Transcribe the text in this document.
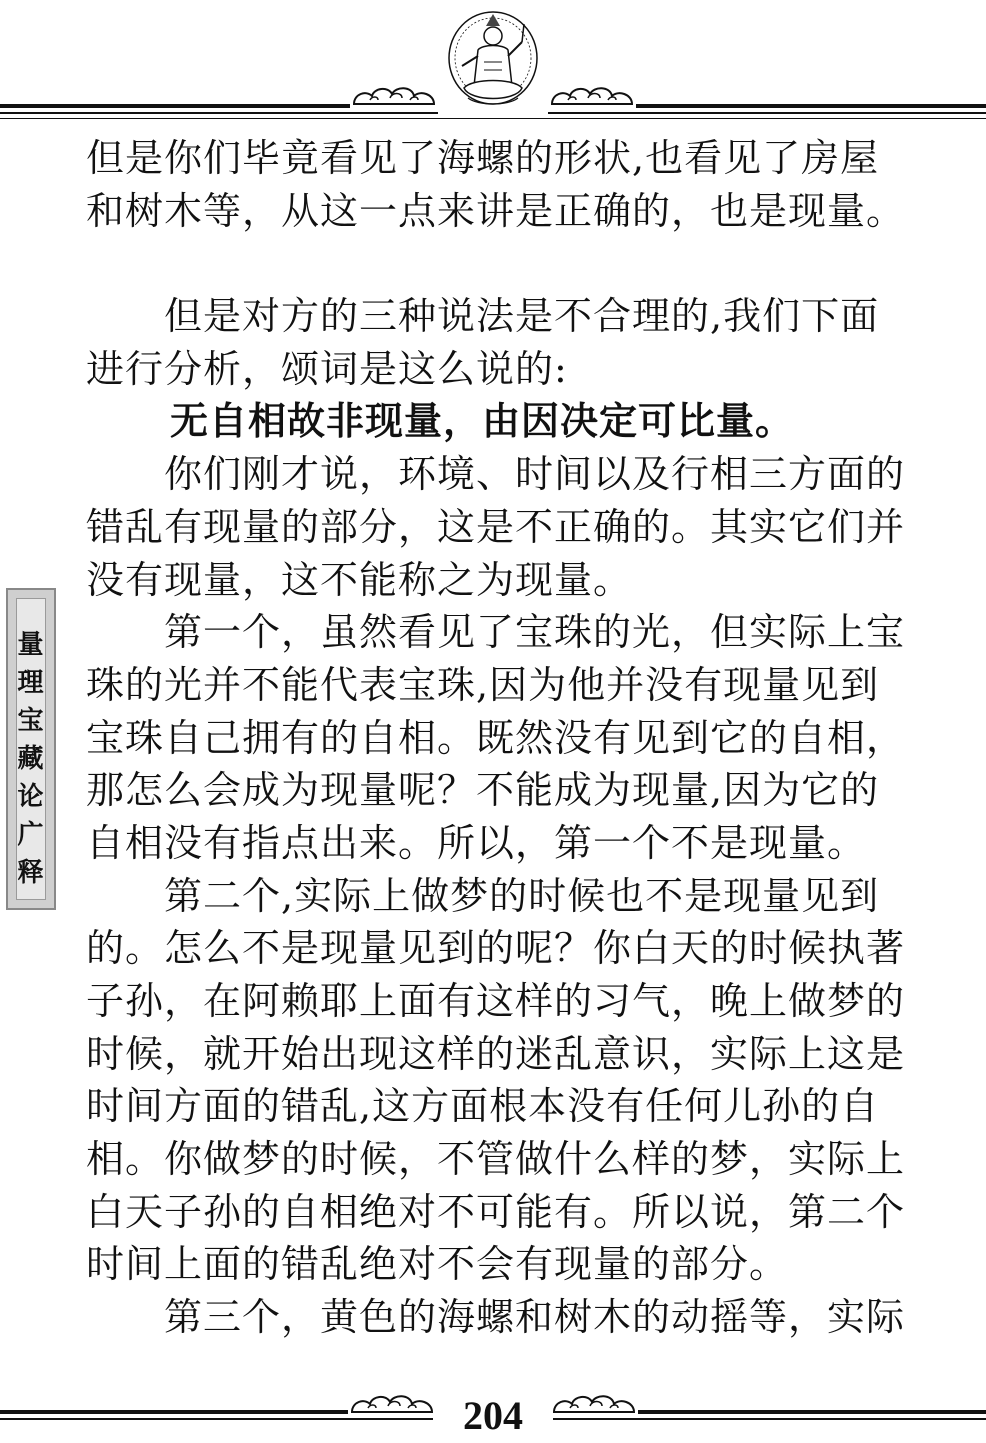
量理宝藏论广释
但是你们毕竟看见了海螺的形状,也看见了房屋
和树木等，从这一点来讲是正确的，也是现量。
但是对方的三种说法是不合理的,我们下面
进行分析，颂词是这么说的:
无自相故非现量，由因决定可比量。
你们刚才说，环境、时间以及行相三方面的
错乱有现量的部分，这是不正确的。其实它们并
没有现量，这不能称之为现量。
第一个，虽然看见了宝珠的光，但实际上宝
珠的光并不能代表宝珠,因为他并没有现量见到
宝珠自己拥有的自相。既然没有见到它的自相，
那怎么会成为现量呢？不能成为现量,因为它的
自相没有指点出来。所以，第一个不是现量。
第二个,实际上做梦的时候也不是现量见到
的。怎么不是现量见到的呢？你白天的时候执著
子孙，在阿赖耶上面有这样的习气，晚上做梦的
时候，就开始出现这样的迷乱意识，实际上这是
时间方面的错乱,这方面根本没有任何儿孙的自
相。你做梦的时候，不管做什么样的梦，实际上
白天子孙的自相绝对不可能有。所以说，第二个
时间上面的错乱绝对不会有现量的部分。
第三个，黄色的海螺和树木的动摇等，实际
204
